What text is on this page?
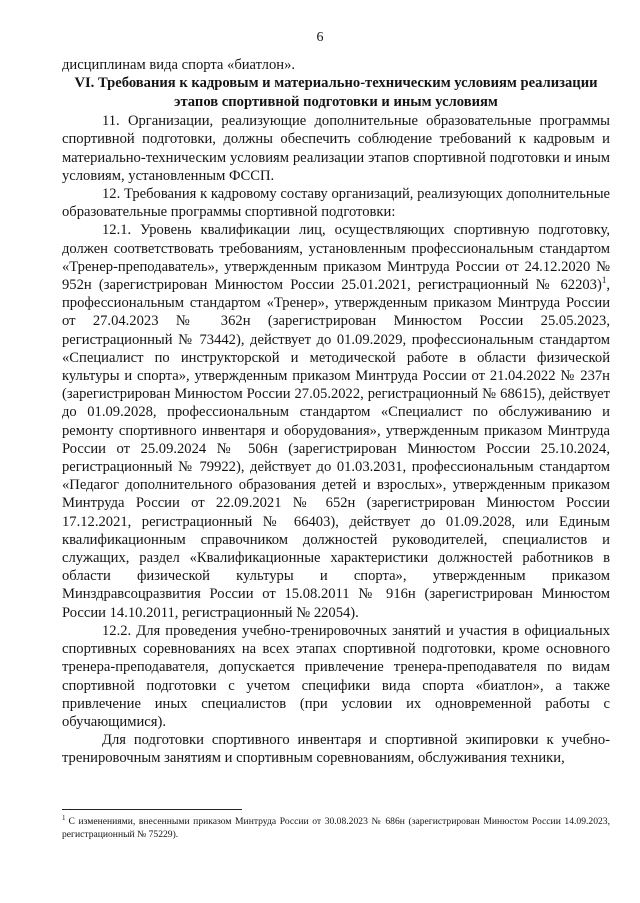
6

дисциплинам вида спорта «биатлон».

VI. Требования к кадровым и материально-техническим условиям реализации этапов спортивной подготовки и иным условиям

11. Организации, реализующие дополнительные образовательные программы спортивной подготовки, должны обеспечить соблюдение требований к кадровым и материально-техническим условиям реализации этапов спортивной подготовки и иным условиям, установленным ФССП.

12. Требования к кадровому составу организаций, реализующих дополнительные образовательные программы спортивной подготовки:

12.1. Уровень квалификации лиц, осуществляющих спортивную подготовку, должен соответствовать требованиям, установленным профессиональным стандартом «Тренер-преподаватель», утвержденным приказом Минтруда России от 24.12.2020 № 952н (зарегистрирован Минюстом России 25.01.2021, регистрационный № 62203)$^1$, профессиональным стандартом «Тренер», утвержденным приказом Минтруда России от 27.04.2023 № 362н (зарегистрирован Минюстом России 25.05.2023, регистрационный № 73442), действует до 01.09.2029, профессиональным стандартом «Специалист по инструкторской и методической работе в области физической культуры и спорта», утвержденным приказом Минтруда России от 21.04.2022 № 237н (зарегистрирован Минюстом России 27.05.2022, регистрационный № 68615), действует до 01.09.2028, профессиональным стандартом «Специалист по обслуживанию и ремонту спортивного инвентаря и оборудования», утвержденным приказом Минтруда России от 25.09.2024 № 506н (зарегистрирован Минюстом России 25.10.2024, регистрационный № 79922), действует до 01.03.2031, профессиональным стандартом «Педагог дополнительного образования детей и взрослых», утвержденным приказом Минтруда России от 22.09.2021 № 652н (зарегистрирован Минюстом России 17.12.2021, регистрационный № 66403), действует до 01.09.2028, или Единым квалификационным справочником должностей руководителей, специалистов и служащих, раздел «Квалификационные характеристики должностей работников в области физической культуры и спорта», утвержденным приказом Минздравсоцразвития России от 15.08.2011 № 916н (зарегистрирован Минюстом России 14.10.2011, регистрационный № 22054).

12.2. Для проведения учебно-тренировочных занятий и участия в официальных спортивных соревнованиях на всех этапах спортивной подготовки, кроме основного тренера-преподавателя, допускается привлечение тренера-преподавателя по видам спортивной подготовки с учетом специфики вида спорта «биатлон», а также привлечение иных специалистов (при условии их одновременной работы с обучающимися).

Для подготовки спортивного инвентаря и спортивной экипировки к учебно-тренировочным занятиям и спортивным соревнованиям, обслуживания техники,

$^1$ С изменениями, внесенными приказом Минтруда России от 30.08.2023 № 686н (зарегистрирован Минюстом России 14.09.2023, регистрационный № 75229).
